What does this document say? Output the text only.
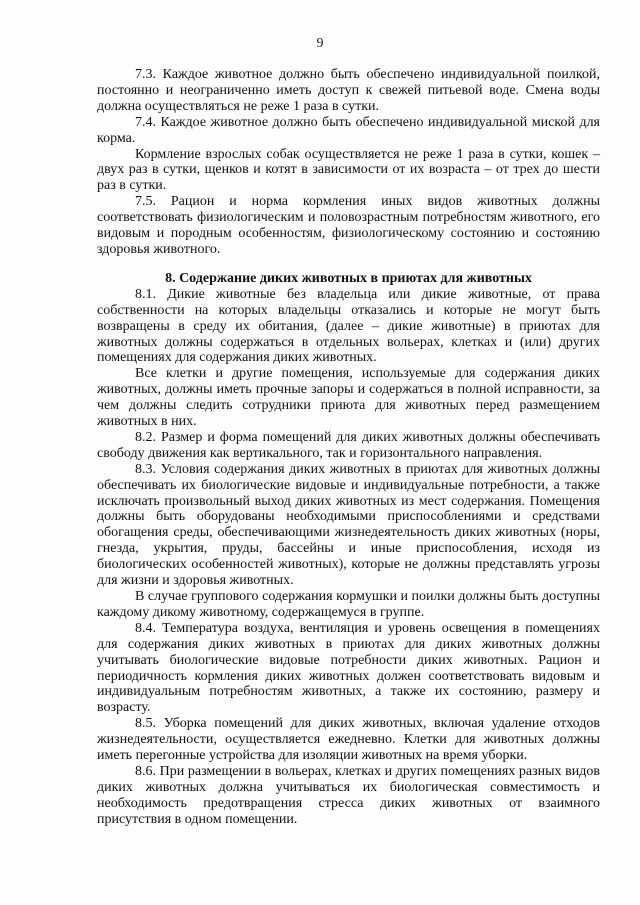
9

7.3. Каждое животное должно быть обеспечено индивидуальной поилкой, постоянно и неограниченно иметь доступ к свежей питьевой воде. Смена воды должна осуществляться не реже 1 раза в сутки.

7.4. Каждое животное должно быть обеспечено индивидуальной миской для корма.

Кормление взрослых собак осуществляется не реже 1 раза в сутки, кошек – двух раз в сутки, щенков и котят в зависимости от их возраста – от трех до шести раз в сутки.

7.5. Рацион и норма кормления иных видов животных должны соответствовать физиологическим и половозрастным потребностям животного, его видовым и породным особенностям, физиологическому состоянию и состоянию здоровья животного.

8. Содержание диких животных в приютах для животных

8.1. Дикие животные без владельца или дикие животные, от права собственности на которых владельцы отказались и которые не могут быть возвращены в среду их обитания, (далее – дикие животные) в приютах для животных должны содержаться в отдельных вольерах, клетках и (или) других помещениях для содержания диких животных.

Все клетки и другие помещения, используемые для содержания диких животных, должны иметь прочные запоры и содержаться в полной исправности, за чем должны следить сотрудники приюта для животных перед размещением животных в них.

8.2. Размер и форма помещений для диких животных должны обеспечивать свободу движения как вертикального, так и горизонтального направления.

8.3. Условия содержания диких животных в приютах для животных должны обеспечивать их биологические видовые и индивидуальные потребности, а также исключать произвольный выход диких животных из мест содержания. Помещения должны быть оборудованы необходимыми приспособлениями и средствами обогащения среды, обеспечивающими жизнедеятельность диких животных (норы, гнезда, укрытия, пруды, бассейны и иные приспособления, исходя из биологических особенностей животных), которые не должны представлять угрозы для жизни и здоровья животных.

В случае группового содержания кормушки и поилки должны быть доступны каждому дикому животному, содержащемуся в группе.

8.4. Температура воздуха, вентиляция и уровень освещения в помещениях для содержания диких животных в приютах для диких животных должны учитывать биологические видовые потребности диких животных. Рацион и периодичность кормления диких животных должен соответствовать видовым и индивидуальным потребностям животных, а также их состоянию, размеру и возрасту.

8.5. Уборка помещений для диких животных, включая удаление отходов жизнедеятельности, осуществляется ежедневно. Клетки для животных должны иметь перегонные устройства для изоляции животных на время уборки.

8.6. При размещении в вольерах, клетках и других помещениях разных видов диких животных должна учитываться их биологическая совместимость и необходимость предотвращения стресса диких животных от взаимного присутствия в одном помещении.
